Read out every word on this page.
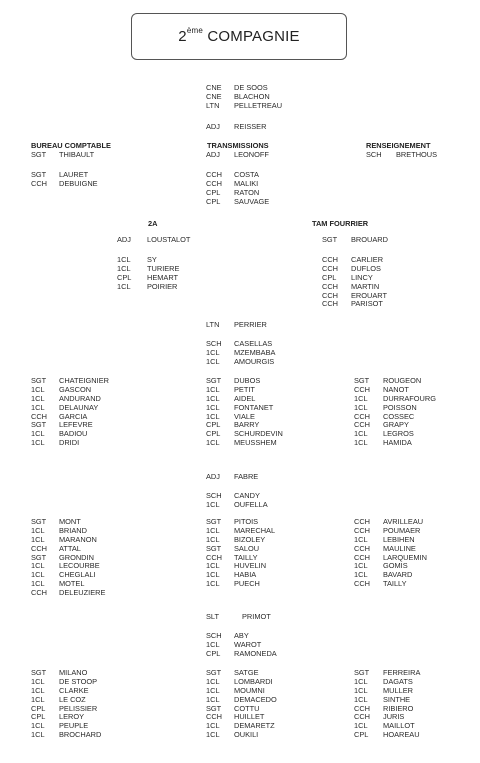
2ème COMPAGNIE
BUREAU COMPTABLE	TRANSMISSIONS	RENSEIGNEMENT
2A	TAM FOURRIER
CNE DE SOOS
CNE BLACHON
LTN PELLETREAU
ADJ REISSER
SGT THIBAULT
SGT LAURET
CCH DEBUIGNE
ADJ LEONOFF
CCH COSTA
CCH MALIKI
CPL RATON
CPL SAUVAGE
SCH BRETHOUS
ADJ LOUSTALOT
1CL SY
1CL TURIERE
CPL HEMART
1CL POIRIER
SGT BROUARD
CCH CARLIER
CCH DUFLOS
CPL LINCY
CCH MARTIN
CCH EROUART
CCH PARISOT
LTN PERRIER
SCH CASELLAS
1CL MZEMBABA
1CL AMOURGIS
SGT CHATEIGNIER
1CL GASCON
1CL ANDURAND
1CL DELAUNAY
CCH GARCIA
SGT LEFEVRE
1CL BADIOU
1CL DRIDI
SGT DUBOS
1CL PETIT
1CL AIDEL
1CL FONTANET
1CL VIALE
CPL BARRY
CPL SCHURDEVIN
1CL MEUSSHEM
SGT ROUGEON
CCH NANOT
1CL DURRAFOURG
1CL POISSON
CCH COSSEC
CCH GRAPY
1CL LEGROS
1CL HAMIDA
ADJ FABRE
SCH CANDY
1CL OUFELLA
SGT MONT
1CL BRIAND
1CL MARANON
CCH ATTAL
SGT GRONDIN
1CL LECOURBE
1CL CHEGLALI
1CL MOTEL
CCH DELEUZIERE
SGT PITOIS
1CL MARECHAL
1CL BIZOLEY
SGT SALOU
CCH TAILLY
1CL HUVELIN
1CL HABIA
1CL PUECH
CCH AVRILLEAU
CCH POUMAER
1CL LEBIHEN
CCH MAULINE
CCH LARQUEMIN
1CL GOMIS
1CL BAVARD
CCH TAILLY
SLT	PRIMOT
SCH ABY
1CL WAROT
CPL RAMONEDA
SGT MILANO
1CL DE STOOP
1CL CLARKE
1CL LE COZ
CPL PELISSIER
CPL LEROY
1CL PEUPLE
1CL BROCHARD
SGT SATGE
1CL LOMBARDI
1CL MOUMNI
1CL DEMACEDO
SGT COTTU
CCH HUILLET
1CL DEMARETZ
1CL OUKILI
SGT FERREIRA
1CL DAGATS
1CL MULLER
1CL SINTHE
CCH RIBIERO
CCH JURIS
1CL MAILLOT
CPL HOAREAU
